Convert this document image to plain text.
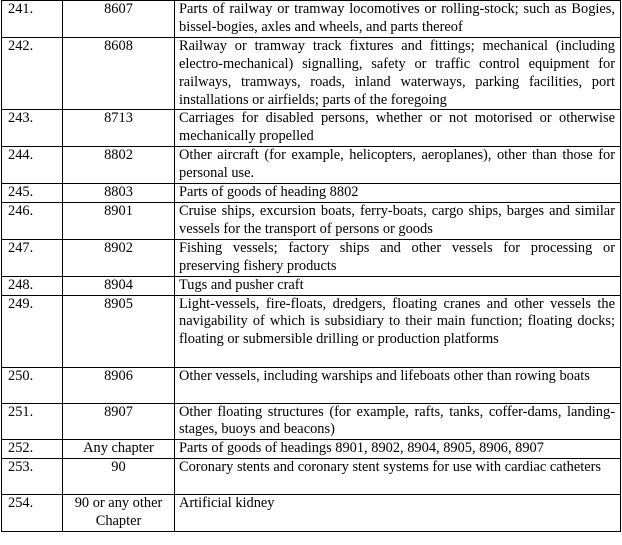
241.	8607	Parts of railway or tramway locomotives or rolling-stock; such as Bogies, bissel-bogies, axles and wheels, and parts thereof
242.	8608	Railway or tramway track fixtures and fittings; mechanical (including electro-mechanical) signalling, safety or traffic control equipment for railways, tramways, roads, inland waterways, parking facilities, port installations or airfields; parts of the foregoing
243.	8713	Carriages for disabled persons, whether or not motorised or otherwise mechanically propelled
244.	8802	Other aircraft (for example, helicopters, aeroplanes), other than those for personal use.
245.	8803	Parts of goods of heading 8802
246.	8901	Cruise ships, excursion boats, ferry-boats, cargo ships, barges and similar vessels for the transport of persons or goods
247.	8902	Fishing vessels; factory ships and other vessels for processing or preserving fishery products
248.	8904	Tugs and pusher craft
249.	8905	Light-vessels, fire-floats, dredgers, floating cranes and other vessels the navigability of which is subsidiary to their main function; floating docks; floating or submersible drilling or production platforms
250.	8906	Other vessels, including warships and lifeboats other than rowing boats
251.	8907	Other floating structures (for example, rafts, tanks, coffer-dams, landing-stages, buoys and beacons)
252.	Any chapter	Parts of goods of headings 8901, 8902, 8904, 8905, 8906, 8907
253.	90	Coronary stents and coronary stent systems for use with cardiac catheters
254.	90 or any other Chapter	Artificial kidney
